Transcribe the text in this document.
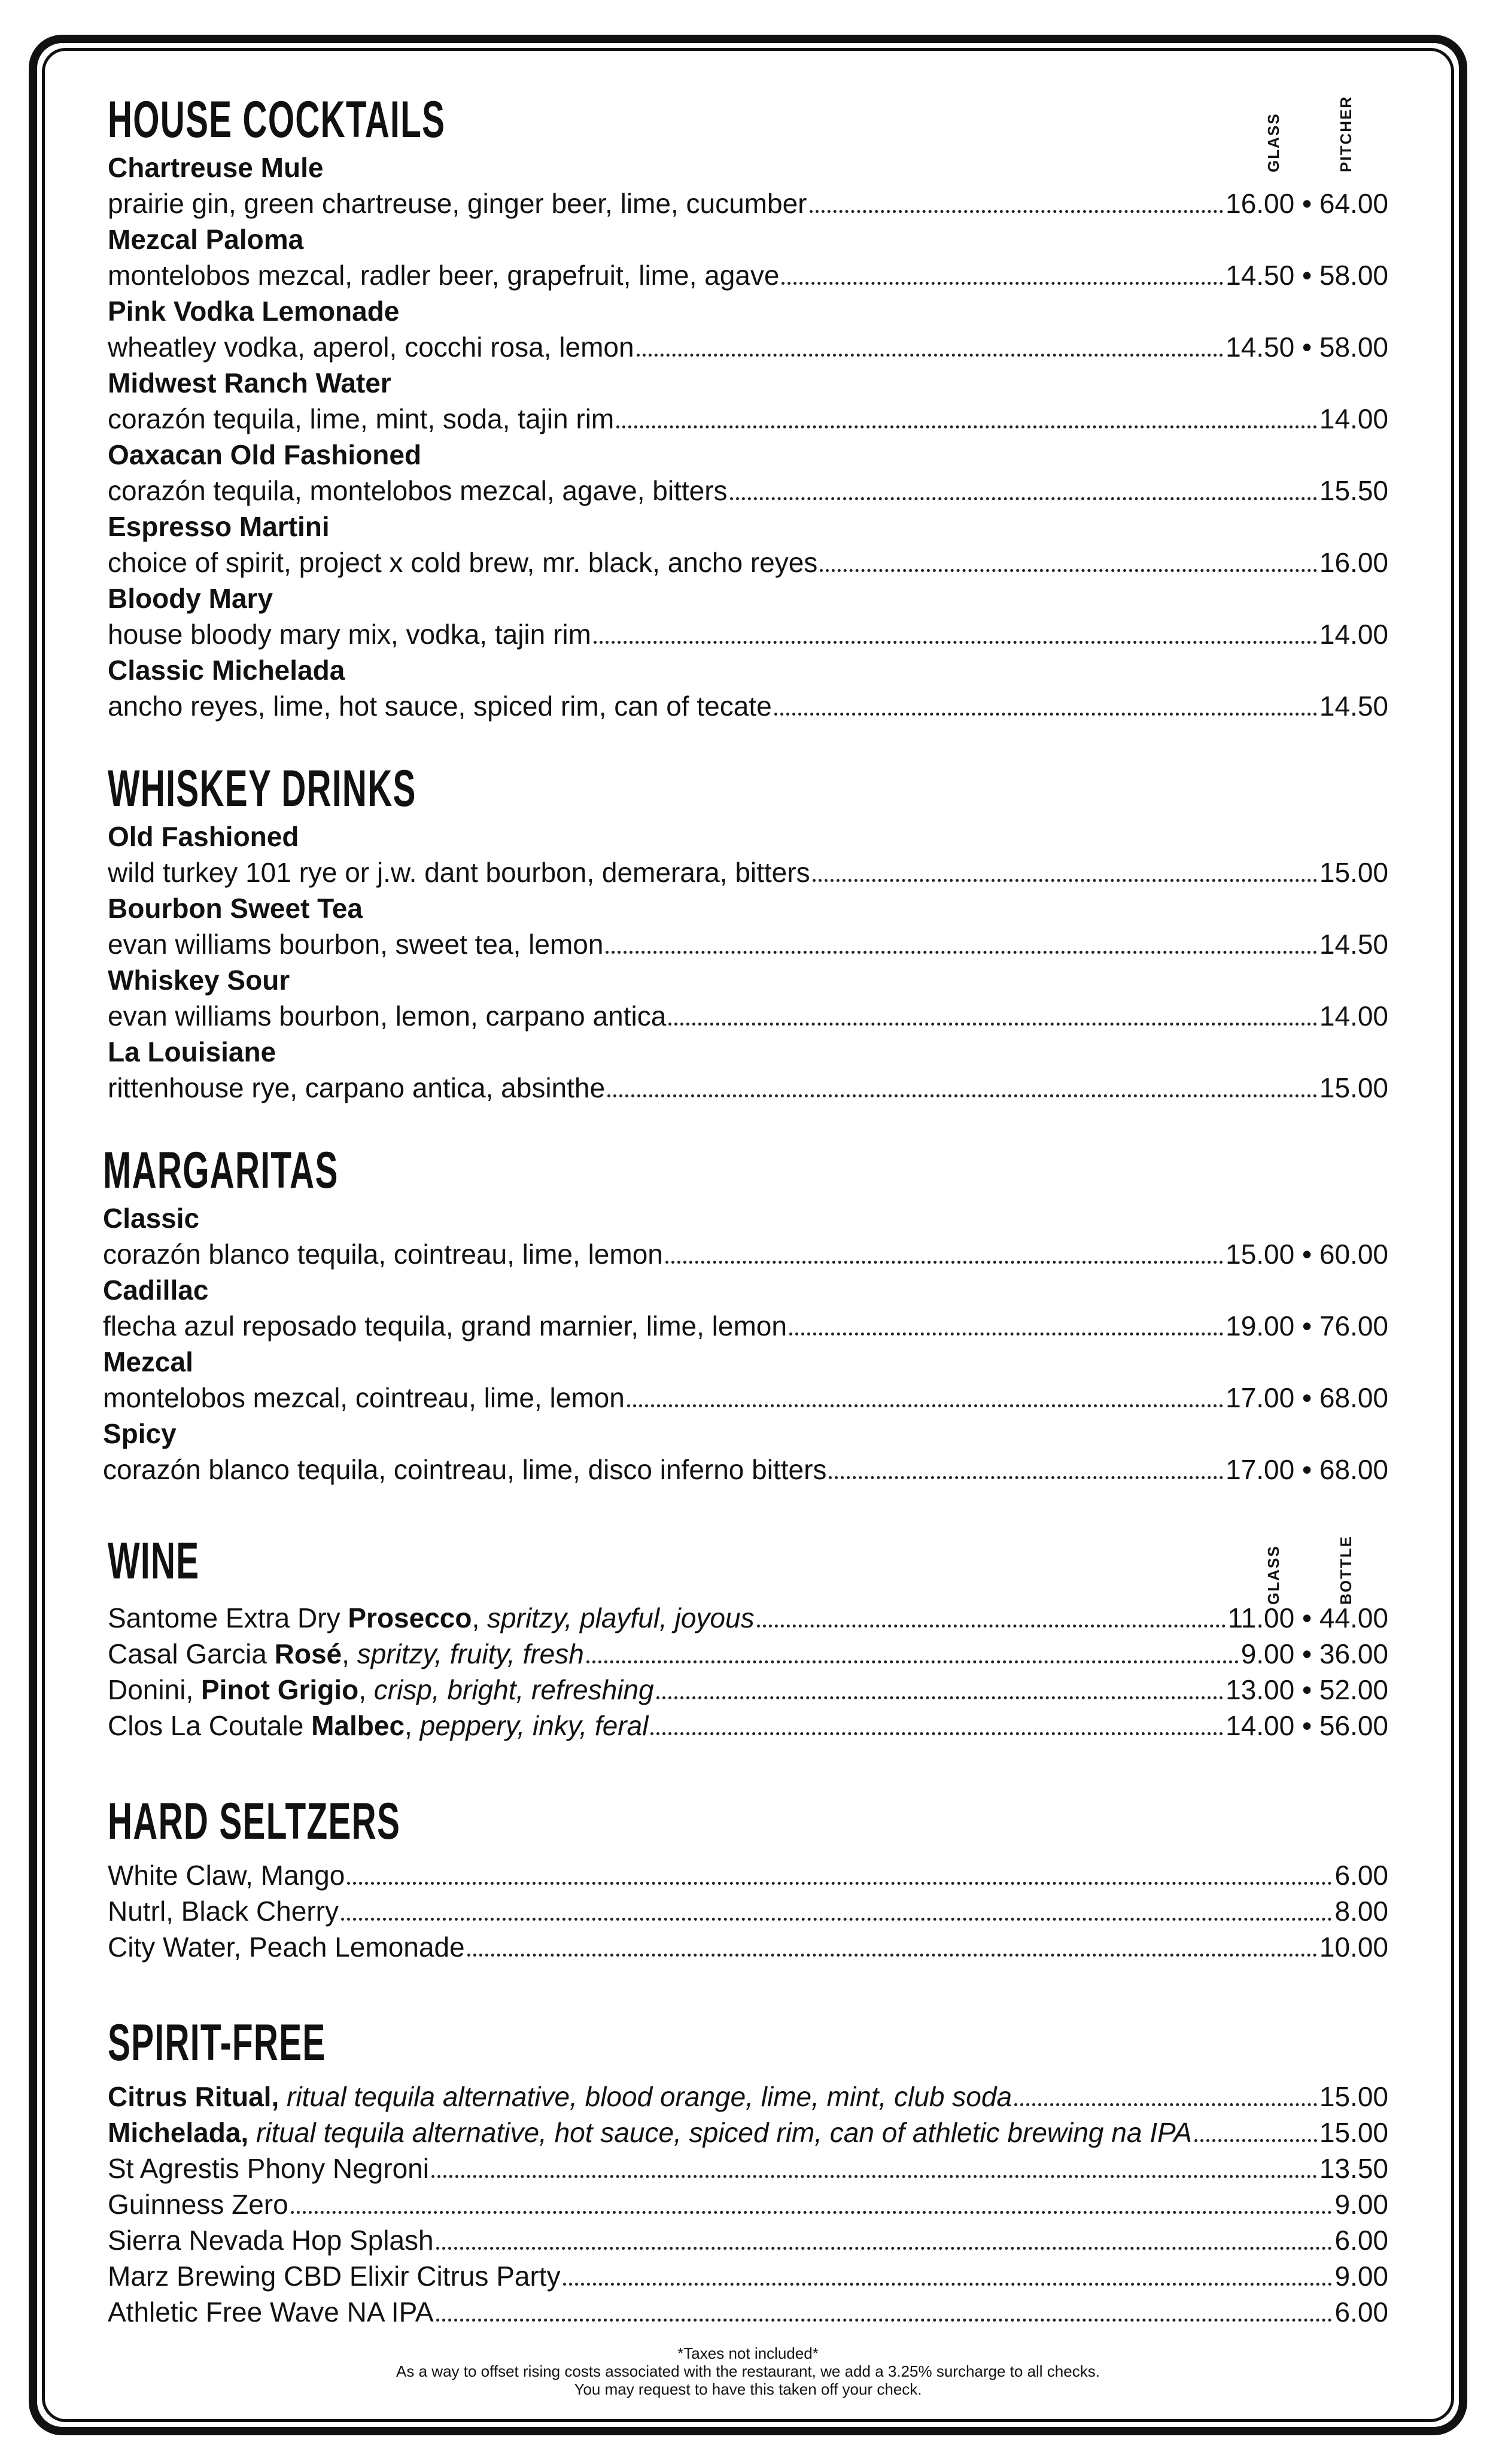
GLASS	PITCHER
HOUSE COCKTAILS
Chartreuse Mule
prairie gin, green chartreuse, ginger beer, lime, cucumber	16.00 • 64.00
Mezcal Paloma
montelobos mezcal, radler beer, grapefruit, lime, agave	14.50 • 58.00
Pink Vodka Lemonade
wheatley vodka, aperol, cocchi rosa, lemon	14.50 • 58.00
Midwest Ranch Water
corazón tequila, lime, mint, soda, tajin rim	14.00
Oaxacan Old Fashioned
corazón tequila, montelobos mezcal, agave, bitters	15.50
Espresso Martini
choice of spirit, project x cold brew, mr. black, ancho reyes	16.00
Bloody Mary
house bloody mary mix, vodka, tajin rim	14.00
Classic Michelada
ancho reyes, lime, hot sauce, spiced rim, can of tecate	14.50
WHISKEY DRINKS
Old Fashioned
wild turkey 101 rye or j.w. dant bourbon, demerara, bitters	15.00
Bourbon Sweet Tea
evan williams bourbon, sweet tea, lemon	14.50
Whiskey Sour
evan williams bourbon, lemon, carpano antica	14.00
La Louisiane
rittenhouse rye, carpano antica, absinthe	15.00
MARGARITAS
Classic
corazón blanco tequila, cointreau, lime, lemon	15.00 • 60.00
Cadillac
flecha azul reposado tequila, grand marnier, lime, lemon	19.00 • 76.00
Mezcal
montelobos mezcal, cointreau, lime, lemon	17.00 • 68.00
Spicy
corazón blanco tequila, cointreau, lime, disco inferno bitters	17.00 • 68.00
GLASS	BOTTLE
WINE
Santome Extra Dry Prosecco, spritzy, playful, joyous	11.00 • 44.00
Casal Garcia Rosé, spritzy, fruity, fresh	9.00 • 36.00
Donini, Pinot Grigio, crisp, bright, refreshing	13.00 • 52.00
Clos La Coutale Malbec, peppery, inky, feral	14.00 • 56.00
HARD SELTZERS
White Claw, Mango	6.00
Nutrl, Black Cherry	8.00
City Water, Peach Lemonade	10.00
SPIRIT-FREE
Citrus Ritual, ritual tequila alternative, blood orange, lime, mint, club soda	15.00
Michelada, ritual tequila alternative, hot sauce, spiced rim, can of athletic brewing na IPA	15.00
St Agrestis Phony Negroni	13.50
Guinness Zero	9.00
Sierra Nevada Hop Splash	6.00
Marz Brewing CBD Elixir Citrus Party	9.00
Athletic Free Wave NA IPA	6.00
*Taxes not included*
As a way to offset rising costs associated with the restaurant, we add a 3.25% surcharge to all checks.
You may request to have this taken off your check.
